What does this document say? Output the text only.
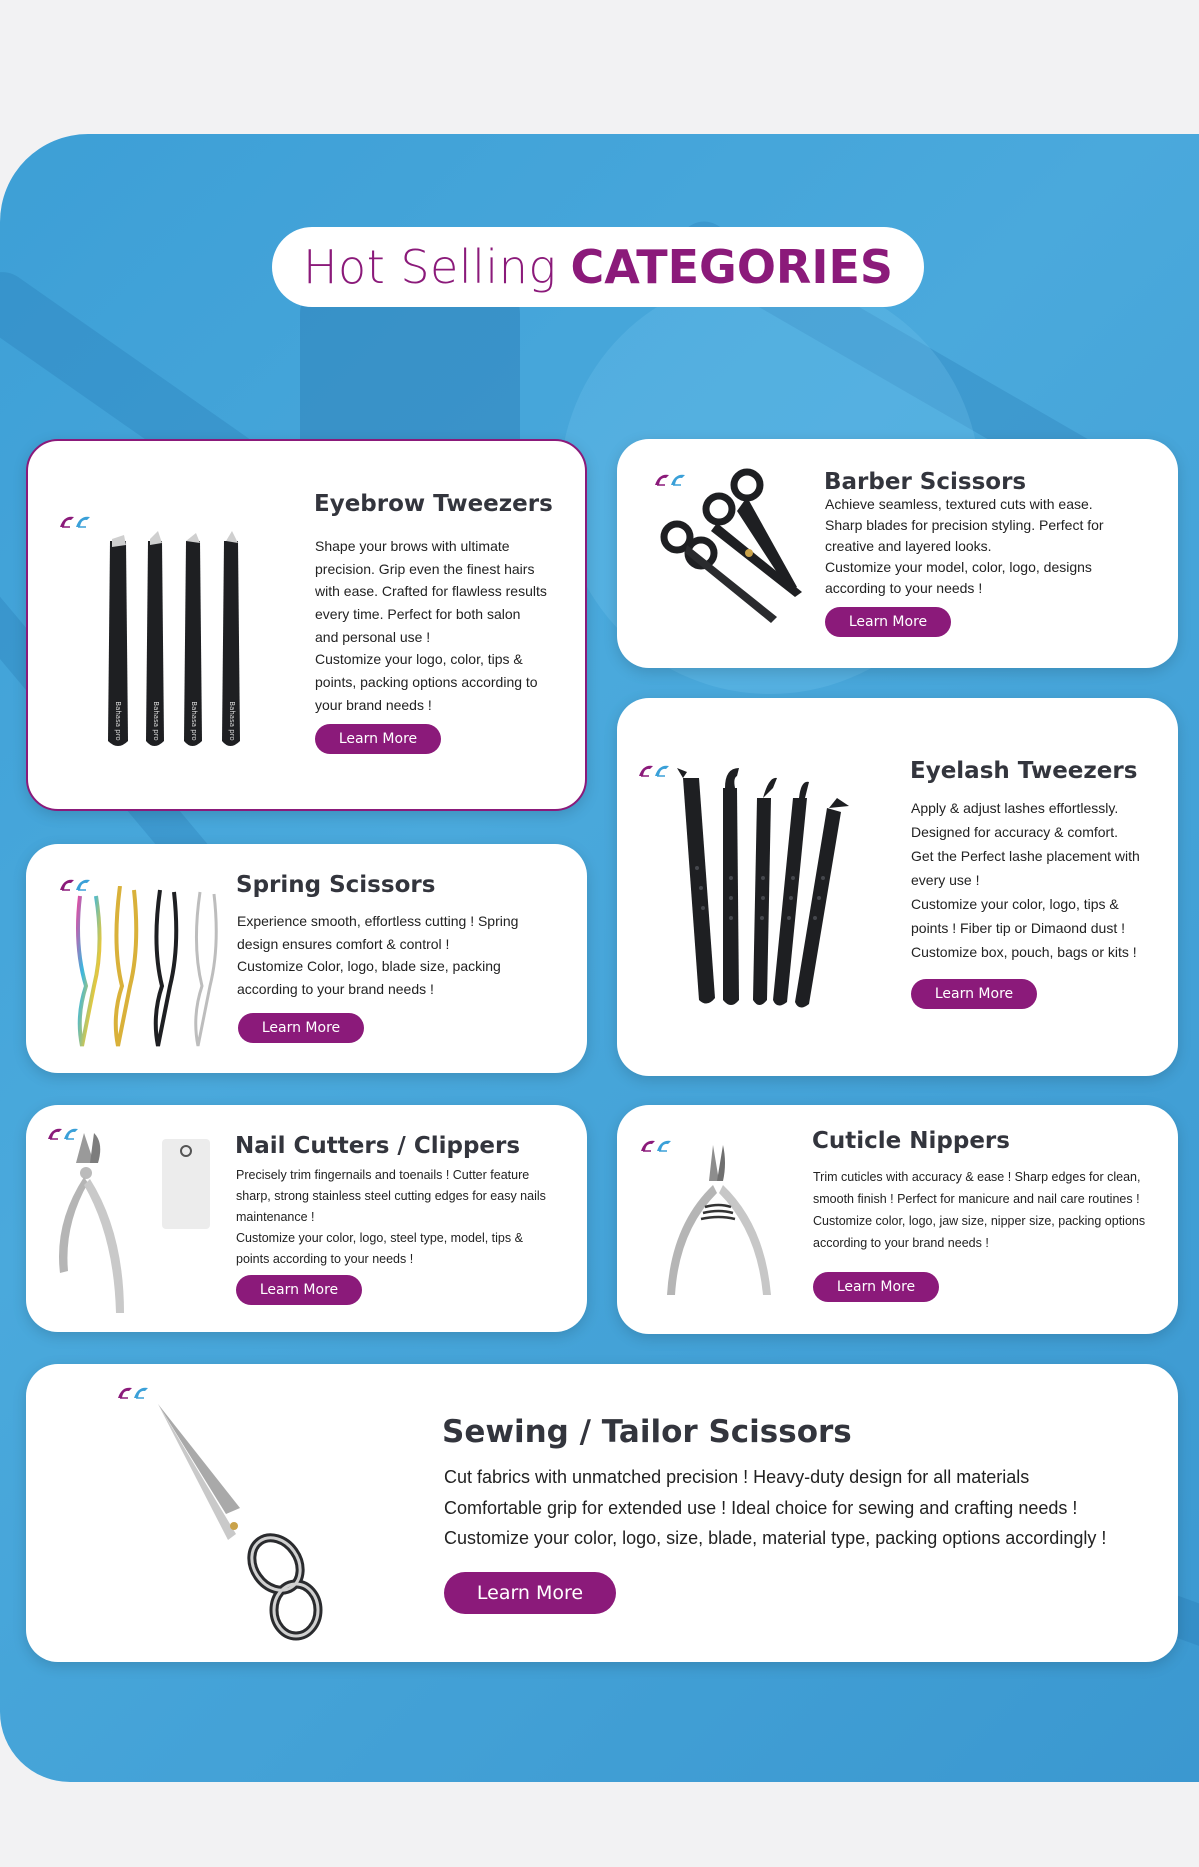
Hot Selling CATEGORIES
Bahasa pro	Bahasa pro	Bahasa pro	Bahasa pro
Eyebrow Tweezers

Shape your brows with ultimate
precision. Grip even the finest hairs
with ease. Crafted for flawless results
every time. Perfect for both salon
and personal use !
Customize your logo, color, tips &
points, packing options according to
your brand needs !

Learn More
Barber Scissors

Achieve seamless, textured cuts with ease.
Sharp blades for precision styling. Perfect for
creative and layered looks.
Customize your model, color, logo, designs
according to your needs !

Learn More
Eyelash Tweezers

Apply & adjust lashes effortlessly.
Designed for accuracy & comfort.
Get the Perfect lashe placement with
every use !
Customize your color, logo, tips &
points ! Fiber tip or Dimaond dust !
Customize box, pouch, bags or kits !

Learn More
Spring Scissors

Experience smooth, effortless cutting ! Spring
design ensures comfort & control !
Customize Color, logo, blade size, packing
according to your brand needs !

Learn More
Nail Cutters / Clippers

Precisely trim fingernails and toenails ! Cutter feature
sharp, strong stainless steel cutting edges for easy nails
maintenance !
Customize your color, logo, steel type, model, tips &
points according to your needs !

Learn More
Cuticle Nippers

Trim cuticles with accuracy & ease ! Sharp edges for clean,
smooth finish ! Perfect for manicure and nail care routines !
Customize color, logo, jaw size, nipper size, packing options
according to your brand needs !

Learn More
Sewing / Tailor Scissors

Cut fabrics with unmatched precision ! Heavy-duty design for all materials
Comfortable grip for extended use ! Ideal choice for sewing and crafting needs !
Customize your color, logo, size, blade, material type, packing options accordingly !

Learn More
